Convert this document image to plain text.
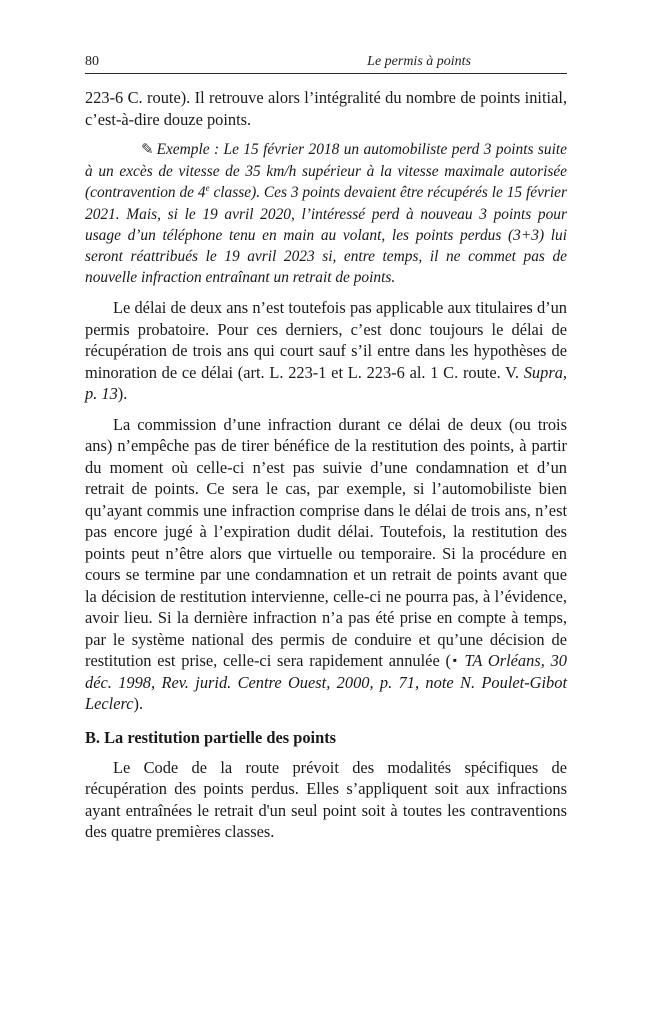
80	Le permis à points

223-6 C. route). Il retrouve alors l’intégralité du nombre de points initial, c’est-à-dire douze points.

✎ Exemple : Le 15 février 2018 un automobiliste perd 3 points suite à un excès de vitesse de 35 km/h supérieur à la vitesse maximale autorisée (contravention de 4e classe). Ces 3 points devaient être récupérés le 15 février 2021. Mais, si le 19 avril 2020, l’intéressé perd à nouveau 3 points pour usage d’un téléphone tenu en main au volant, les points perdus (3+3) lui seront réattribués le 19 avril 2023 si, entre temps, il ne commet pas de nouvelle infraction entraînant un retrait de points.

Le délai de deux ans n’est toutefois pas applicable aux titulaires d’un permis probatoire. Pour ces derniers, c’est donc toujours le délai de récupération de trois ans qui court sauf s’il entre dans les hypothèses de minoration de ce délai (art. L. 223-1 et L. 223-6 al. 1 C. route. V. Supra, p. 13).

La commission d’une infraction durant ce délai de deux (ou trois ans) n’empêche pas de tirer bénéfice de la restitution des points, à partir du moment où celle-ci n’est pas suivie d’une condamnation et d’un retrait de points. Ce sera le cas, par exemple, si l’automobiliste bien qu’ayant commis une infraction comprise dans le délai de trois ans, n’est pas encore jugé à l’expiration dudit délai. Toutefois, la restitution des points peut n’être alors que virtuelle ou temporaire. Si la procédure en cours se termine par une condamnation et un retrait de points avant que la décision de restitution intervienne, celle-ci ne pourra pas, à l’évidence, avoir lieu. Si la dernière infraction n’a pas été prise en compte à temps, par le système national des permis de conduire et qu’une décision de restitution est prise, celle-ci sera rapidement annulée (▪ TA Orléans, 30 déc. 1998, Rev. jurid. Centre Ouest, 2000, p. 71, note N. Poulet-Gibot Leclerc).

B. La restitution partielle des points

Le Code de la route prévoit des modalités spécifiques de récupération des points perdus. Elles s’appliquent soit aux infractions ayant entraînées le retrait d'un seul point soit à toutes les contraventions des quatre premières classes.
